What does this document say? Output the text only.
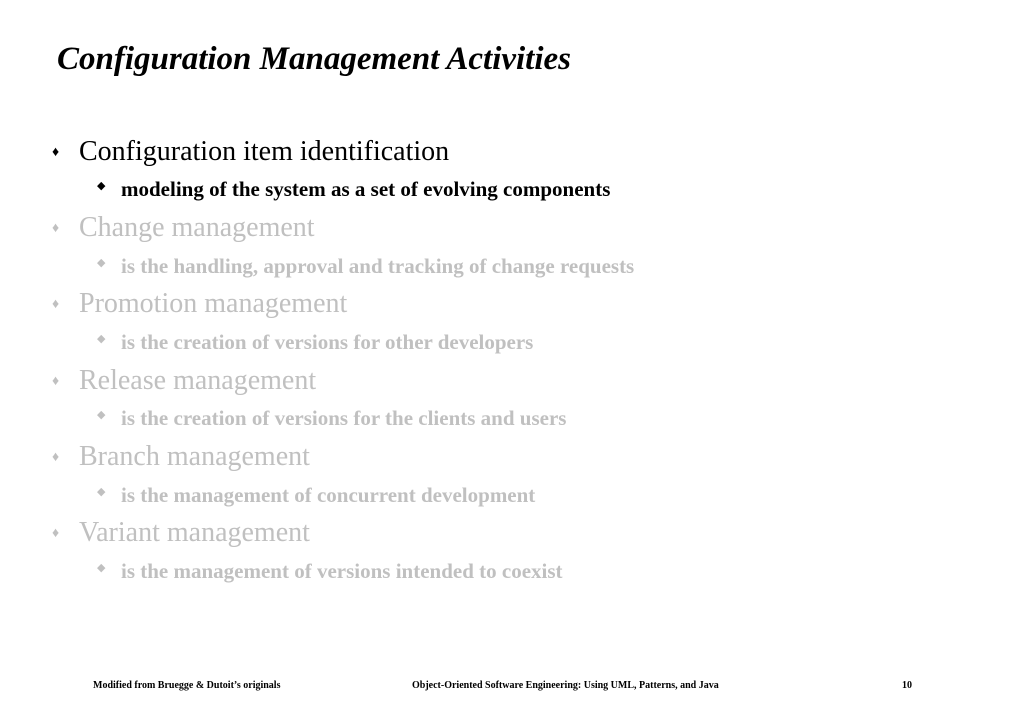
Configuration Management Activities
♦ Configuration item identification
◆ modeling of the system as a set of evolving components
♦ Change management
◆ is the handling, approval and tracking of change requests
♦ Promotion management
◆ is the creation of versions for other developers
♦ Release management
◆ is the creation of versions for the clients and users
♦ Branch management
◆ is the management of concurrent development
♦ Variant management
◆ is the management of versions intended to coexist
Modified from Bruegge & Dutoit’s originals	Object-Oriented Software Engineering: Using UML, Patterns, and Java	10
